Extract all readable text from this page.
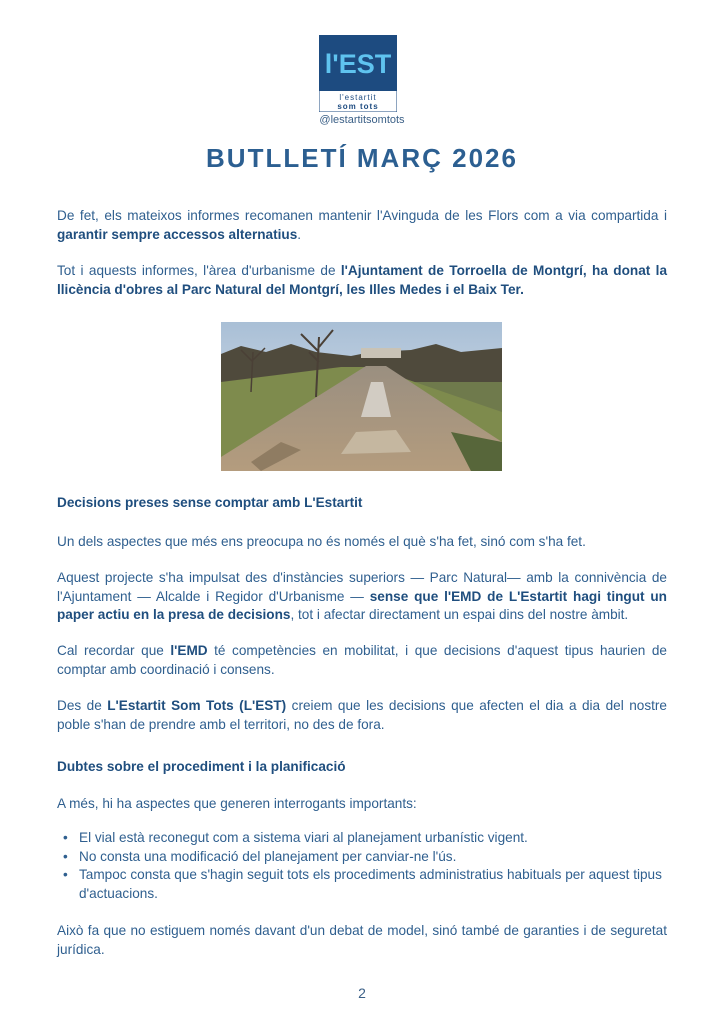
l'EST
l'estartit
som tots
@lestartitsomtots
BUTLLETÍ MARÇ 2026

De fet, els mateixos informes recomanen mantenir l'Avinguda de les Flors com a via compartida i garantir sempre accessos alternatius.

Tot i aquests informes, l'àrea d'urbanisme de l'Ajuntament de Torroella de Montgrí, ha donat la llicència d'obres al Parc Natural del Montgrí, les Illes Medes i el Baix Ter.

Decisions preses sense comptar amb L'Estartit

Un dels aspectes que més ens preocupa no és només el què s'ha fet, sinó com s'ha fet.

Aquest projecte s'ha impulsat des d'instàncies superiors — Parc Natural— amb la connivència de l'Ajuntament — Alcalde i Regidor d'Urbanisme — sense que l'EMD de L'Estartit hagi tingut un paper actiu en la presa de decisions, tot i afectar directament un espai dins del nostre àmbit.

Cal recordar que l'EMD té competències en mobilitat, i que decisions d'aquest tipus haurien de comptar amb coordinació i consens.

Des de L'Estartit Som Tots (L'EST) creiem que les decisions que afecten el dia a dia del nostre poble s'han de prendre amb el territori, no des de fora.

Dubtes sobre el procediment i la planificació

A més, hi ha aspectes que generen interrogants importants:

• El vial està reconegut com a sistema viari al planejament urbanístic vigent.
• No consta una modificació del planejament per canviar-ne l'ús.
• Tampoc consta que s'hagin seguit tots els procediments administratius habituals per aquest tipus d'actuacions.

Això fa que no estiguem només davant d'un debat de model, sinó també de garanties i de seguretat jurídica.

2
